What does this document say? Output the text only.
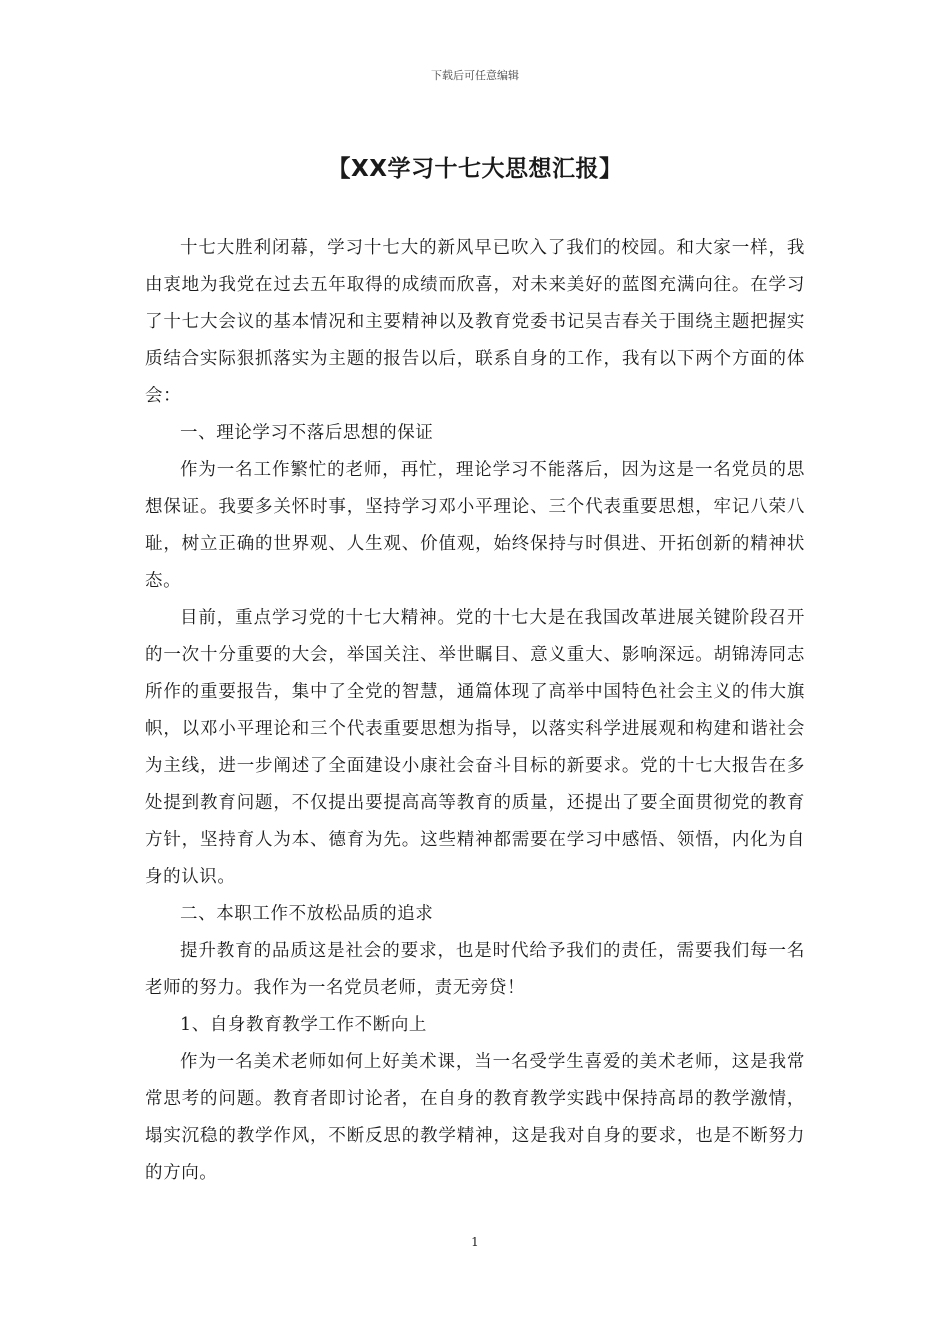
下载后可任意编辑
【XX学习十七大思想汇报】

十七大胜利闭幕，学习十七大的新风早已吹入了我们的校园。和大家一样，我由衷地为我党在过去五年取得的成绩而欣喜，对未来美好的蓝图充满向往。在学习了十七大会议的基本情况和主要精神以及教育党委书记吴吉春关于围绕主题把握实质结合实际狠抓落实为主题的报告以后，联系自身的工作，我有以下两个方面的体会：

一、理论学习不落后思想的保证

作为一名工作繁忙的老师，再忙，理论学习不能落后，因为这是一名党员的思想保证。我要多关怀时事，坚持学习邓小平理论、三个代表重要思想，牢记八荣八耻，树立正确的世界观、人生观、价值观，始终保持与时俱进、开拓创新的精神状态。

目前，重点学习党的十七大精神。党的十七大是在我国改革进展关键阶段召开的一次十分重要的大会，举国关注、举世瞩目、意义重大、影响深远。胡锦涛同志所作的重要报告，集中了全党的智慧，通篇体现了高举中国特色社会主义的伟大旗帜，以邓小平理论和三个代表重要思想为指导，以落实科学进展观和构建和谐社会为主线，进一步阐述了全面建设小康社会奋斗目标的新要求。党的十七大报告在多处提到教育问题，不仅提出要提高高等教育的质量，还提出了要全面贯彻党的教育方针，坚持育人为本、德育为先。这些精神都需要在学习中感悟、领悟，内化为自身的认识。

二、本职工作不放松品质的追求

提升教育的品质这是社会的要求，也是时代给予我们的责任，需要我们每一名老师的努力。我作为一名党员老师，责无旁贷！

1、自身教育教学工作不断向上

作为一名美术老师如何上好美术课，当一名受学生喜爱的美术老师，这是我常常思考的问题。教育者即讨论者，在自身的教育教学实践中保持高昂的教学激情，塌实沉稳的教学作风，不断反思的教学精神，这是我对自身的要求，也是不断努力的方向。

1
